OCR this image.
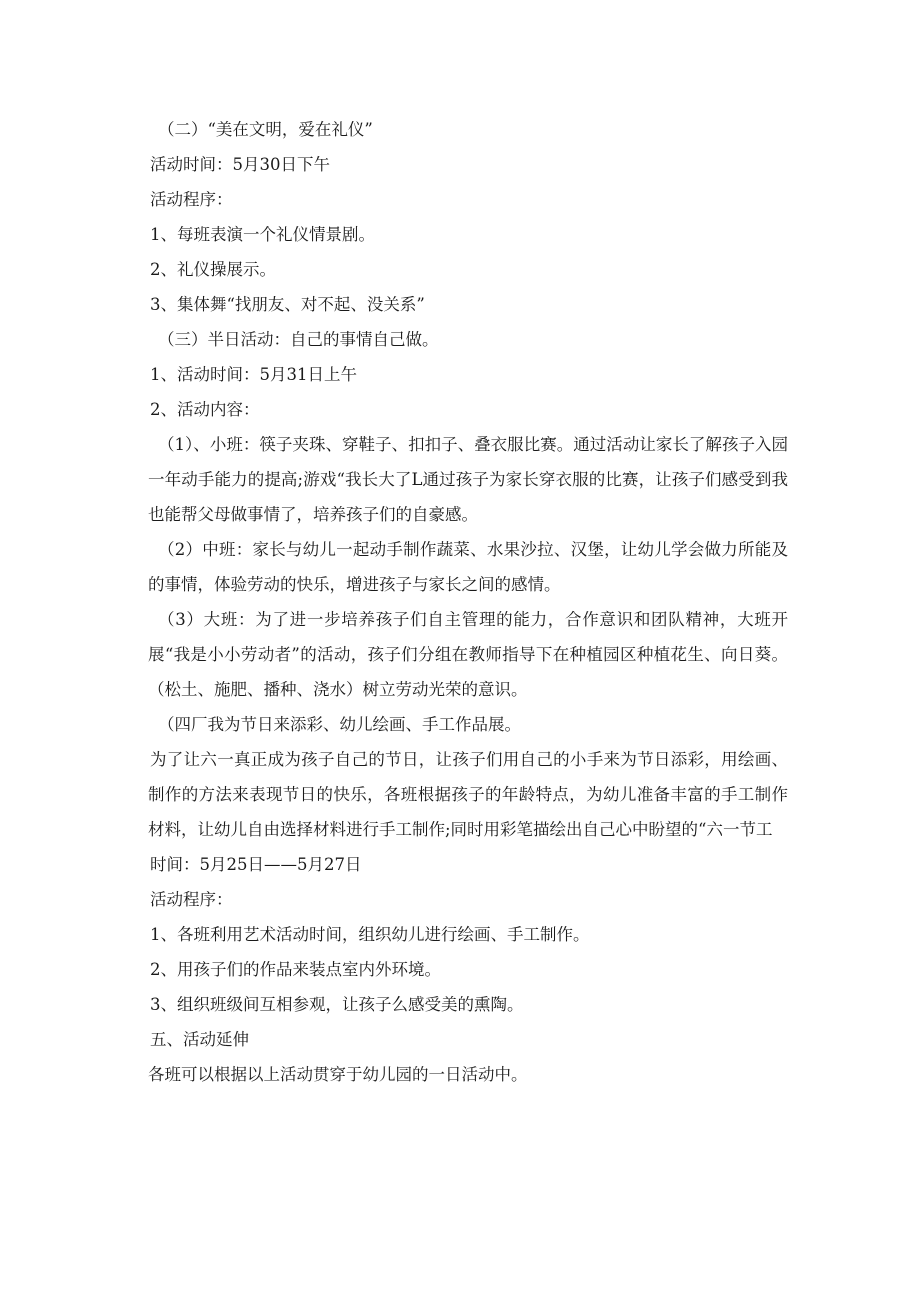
（二）“美在文明，爱在礼仪”

活动时间：5月30日下午

活动程序：

1、每班表演一个礼仪情景剧。

2、礼仪操展示。

3、集体舞“找朋友、对不起、没关系”

（三）半日活动：自己的事情自己做。

1、活动时间：5月31日上午

2、活动内容：

（1）、小班：筷子夹珠、穿鞋子、扣扣子、叠衣服比赛。通过活动让家长了解孩子入园一年动手能力的提高;游戏“我长大了L通过孩子为家长穿衣服的比赛，让孩子们感受到我也能帮父母做事情了，培养孩子们的自豪感。

（2）中班：家长与幼儿一起动手制作蔬菜、水果沙拉、汉堡，让幼儿学会做力所能及的事情，体验劳动的快乐，增进孩子与家长之间的感情。

（3）大班：为了进一步培养孩子们自主管理的能力，合作意识和团队精神，大班开展“我是小小劳动者”的活动，孩子们分组在教师指导下在种植园区种植花生、向日葵。（松土、施肥、播种、浇水）树立劳动光荣的意识。

（四厂我为节日来添彩、幼儿绘画、手工作品展。

为了让六一真正成为孩子自己的节日，让孩子们用自己的小手来为节日添彩，用绘画、制作的方法来表现节日的快乐，各班根据孩子的年龄特点，为幼儿准备丰富的手工制作材料，让幼儿自由选择材料进行手工制作;同时用彩笔描绘出自己心中盼望的“六一节工

时间：5月25日——5月27日

活动程序：

1、各班利用艺术活动时间，组织幼儿进行绘画、手工制作。

2、用孩子们的作品来装点室内外环境。

3、组织班级间互相参观，让孩子么感受美的熏陶。

五、活动延伸

各班可以根据以上活动贯穿于幼儿园的一日活动中。
